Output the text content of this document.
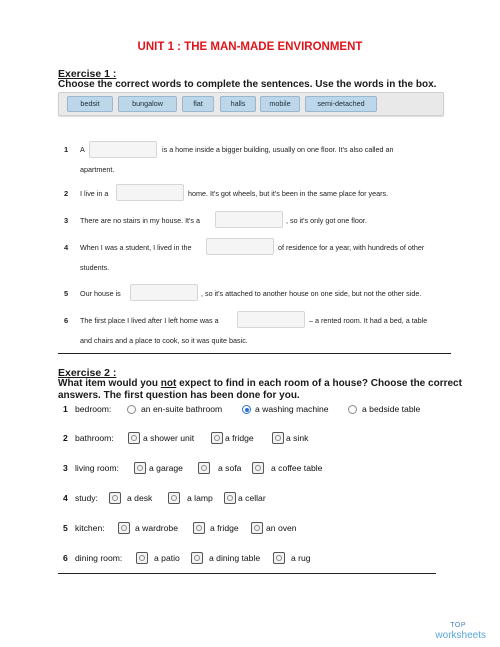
UNIT 1 : THE MAN-MADE ENVIRONMENT
Exercise 1 :
Choose the correct words to complete the sentences. Use the words in the box.
bedsit	bungalow	flat	halls	mobile	semi-detached
1 A	is a home inside a bigger building, usually on one floor. It's also called an
apartment.
2 I live in a	home. It's got wheels, but it's been in the same place for years.
3 There are no stairs in my house. It's a	, so it's only got one floor.
4 When I was a student, I lived in the	of residence for a year, with hundreds of other
students.
5 Our house is	, so it's attached to another house on one side, but not the other side.
6 The first place I lived after I left home was a	– a rented room. It had a bed, a table
and chairs and a place to cook, so it was quite basic.
Exercise 2 :
What item would you not expect to find in each room of a house? Choose the correct
answers. The first question has been done for you.
1 bedroom:	an en-suite bathroom	a washing machine	a bedside table
2 bathroom:	a shower unit	a fridge	a sink
3 living room:	a garage	a sofa	a coffee table
4 study:	a desk	a lamp	a cellar
5 kitchen:	a wardrobe	a fridge	an oven
6 dining room:	a patio	a dining table	a rug
TOP
worksheets
